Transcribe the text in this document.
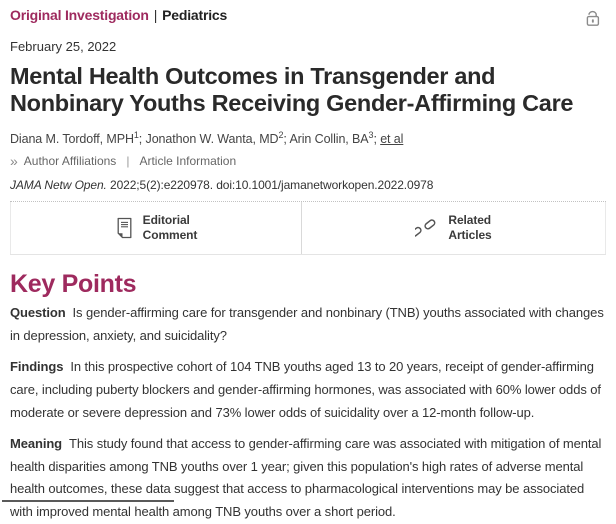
Original Investigation | Pediatrics
February 25, 2022
Mental Health Outcomes in Transgender and Nonbinary Youths Receiving Gender-Affirming Care
Diana M. Tordoff, MPH$^1$; Jonathon W. Wanta, $MD^2$; Arin Collin, $BA^3$; et al
» Author Affiliations | Article Information
JAMA Netw Open. 2022;5(2):e220978. doi:10.1001/jamanetworkopen.2022.0978
Editorial
Comment
Related
Articles
Key Points

Question Is gender-affirming care for transgender and nonbinary (TNB) youths associated with changes in depression, anxiety, and suicidality?

Findings In this prospective cohort of 104 TNB youths aged 13 to 20 years, receipt of gender-affirming care, including puberty blockers and gender-affirming hormones, was associated with 60% lower odds of moderate or severe depression and 73% lower odds of suicidality over a 12-month follow-up.

Meaning This study found that access to gender-affirming care was associated with mitigation of mental health disparities among TNB youths over 1 year; given this population's high rates of adverse mental health outcomes, these data suggest that access to pharmacological interventions may be associated with improved mental health among TNB youths over a short period.
